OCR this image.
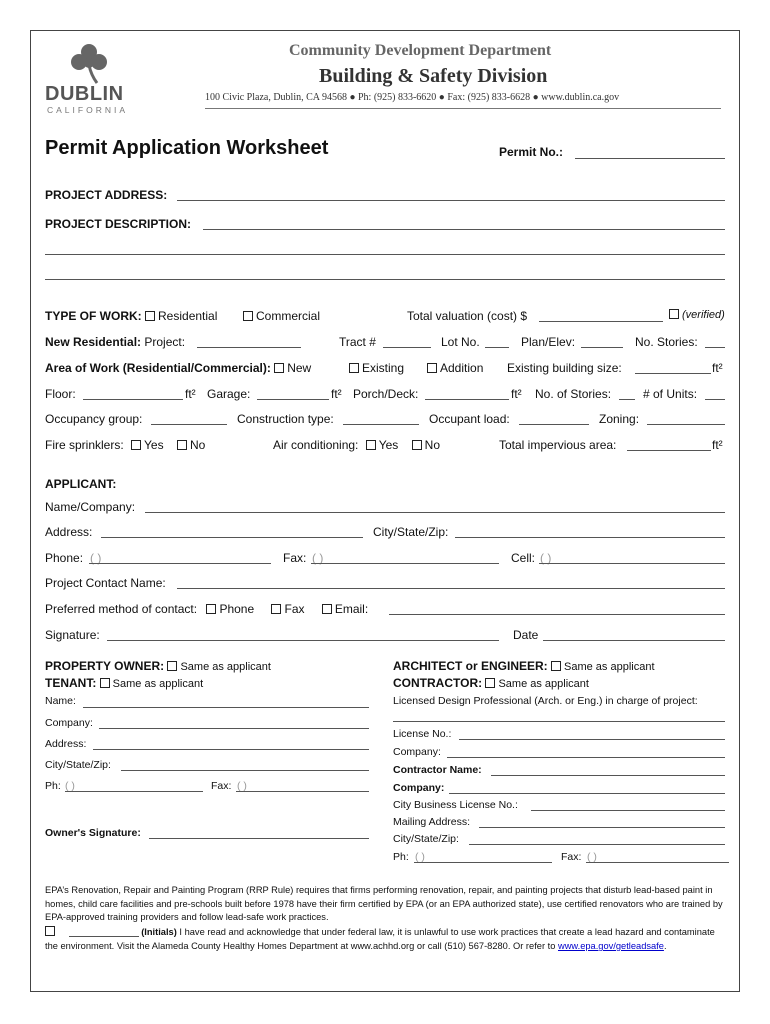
DUBLIN
CALIFORNIA
Community Development Department
Building & Safety Division
100 Civic Plaza, Dublin, CA 94568 ● Ph: (925) 833-6620 ● Fax: (925) 833-6628 ● www.dublin.ca.gov
Permit Application Worksheet	Permit No.:
PROJECT ADDRESS:
PROJECT DESCRIPTION:
TYPE OF WORK: Residential	Commercial	Total valuation (cost) $	(verified)
New Residential: Project:	Tract #	Lot No.	Plan/Elev:	No. Stories:
Area of Work (Residential/Commercial): New	Existing	Addition Existing building size:	ft²
Floor:	ft² Garage:	ft² Porch/Deck:	ft² No. of Stories:	# of Units:
Occupancy group:	Construction type:	Occupant load:	Zoning:
Fire sprinklers: Yes No	Air conditioning: Yes No	Total impervious area:	ft²
APPLICANT:
Name/Company:
Address:	City/State/Zip:
Phone: ( )	Fax: ( )	Cell: ( )
Project Contact Name:
Preferred method of contact: Phone	Fax	Email:
Signature:	Date
PROPERTY OWNER: Same as applicant
TENANT: Same as applicant
Name:
Company:
Address:
City/State/Zip:
Ph: ( )	Fax: ( )
Owner's Signature:
ARCHITECT or ENGINEER: Same as applicant
CONTRACTOR: Same as applicant
Licensed Design Professional (Arch. or Eng.) in charge of project:
License No.:
Company:
Contractor Name:
Company:
City Business License No.:
Mailing Address:
City/State/Zip:
Ph: ( )	Fax: ( )
EPA’s Renovation, Repair and Painting Program (RRP Rule) requires that firms performing renovation, repair, and painting projects that disturb lead-based paint in
homes, child care facilities and pre-schools built before 1978 have their firm certified by EPA (or an EPA authorized state), use certified renovators who are trained by
EPA-approved training providers and follow lead-safe work practices.
(Initials) I have read and acknowledge that under federal law, it is unlawful to use work practices that create a lead hazard and contaminate
the environment. Visit the Alameda County Healthy Homes Department at www.achhd.org or call (510) 567-8280. Or refer to www.epa.gov/getleadsafe.
